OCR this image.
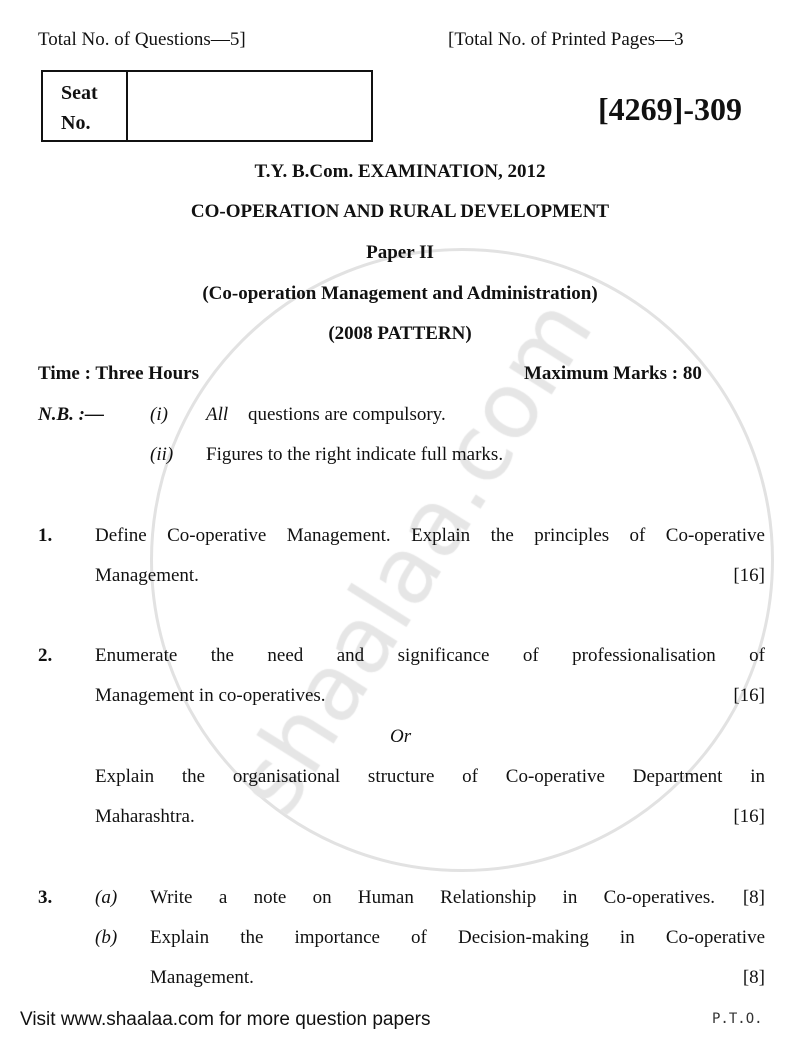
Total No. of Questions—5]	[Total No. of Printed Pages—3
Seat
No.	[4269]-309
T.Y. B.Com. EXAMINATION, 2012
CO-OPERATION AND RURAL DEVELOPMENT
Paper II
(Co-operation Management and Administration)
(2008 PATTERN)
Time : Three Hours	Maximum Marks : 80
N.B. :— (i) All questions are compulsory.
(ii) Figures to the right indicate full marks.
1. Define Co-operative Management. Explain the principles of Co-operative
Management.	[16]
2. Enumerate the need and significance of professionalisation of
Management in co-operatives.	[16]
Or
Explain the organisational structure of Co-operative Department in
Maharashtra.	[16]
3. (a) Write a note on Human Relationship in Co-operatives.	[8]
(b) Explain the importance of Decision-making in Co-operative
Management.	[8]
Visit www.shaalaa.com for more question papers	P.T.O.
